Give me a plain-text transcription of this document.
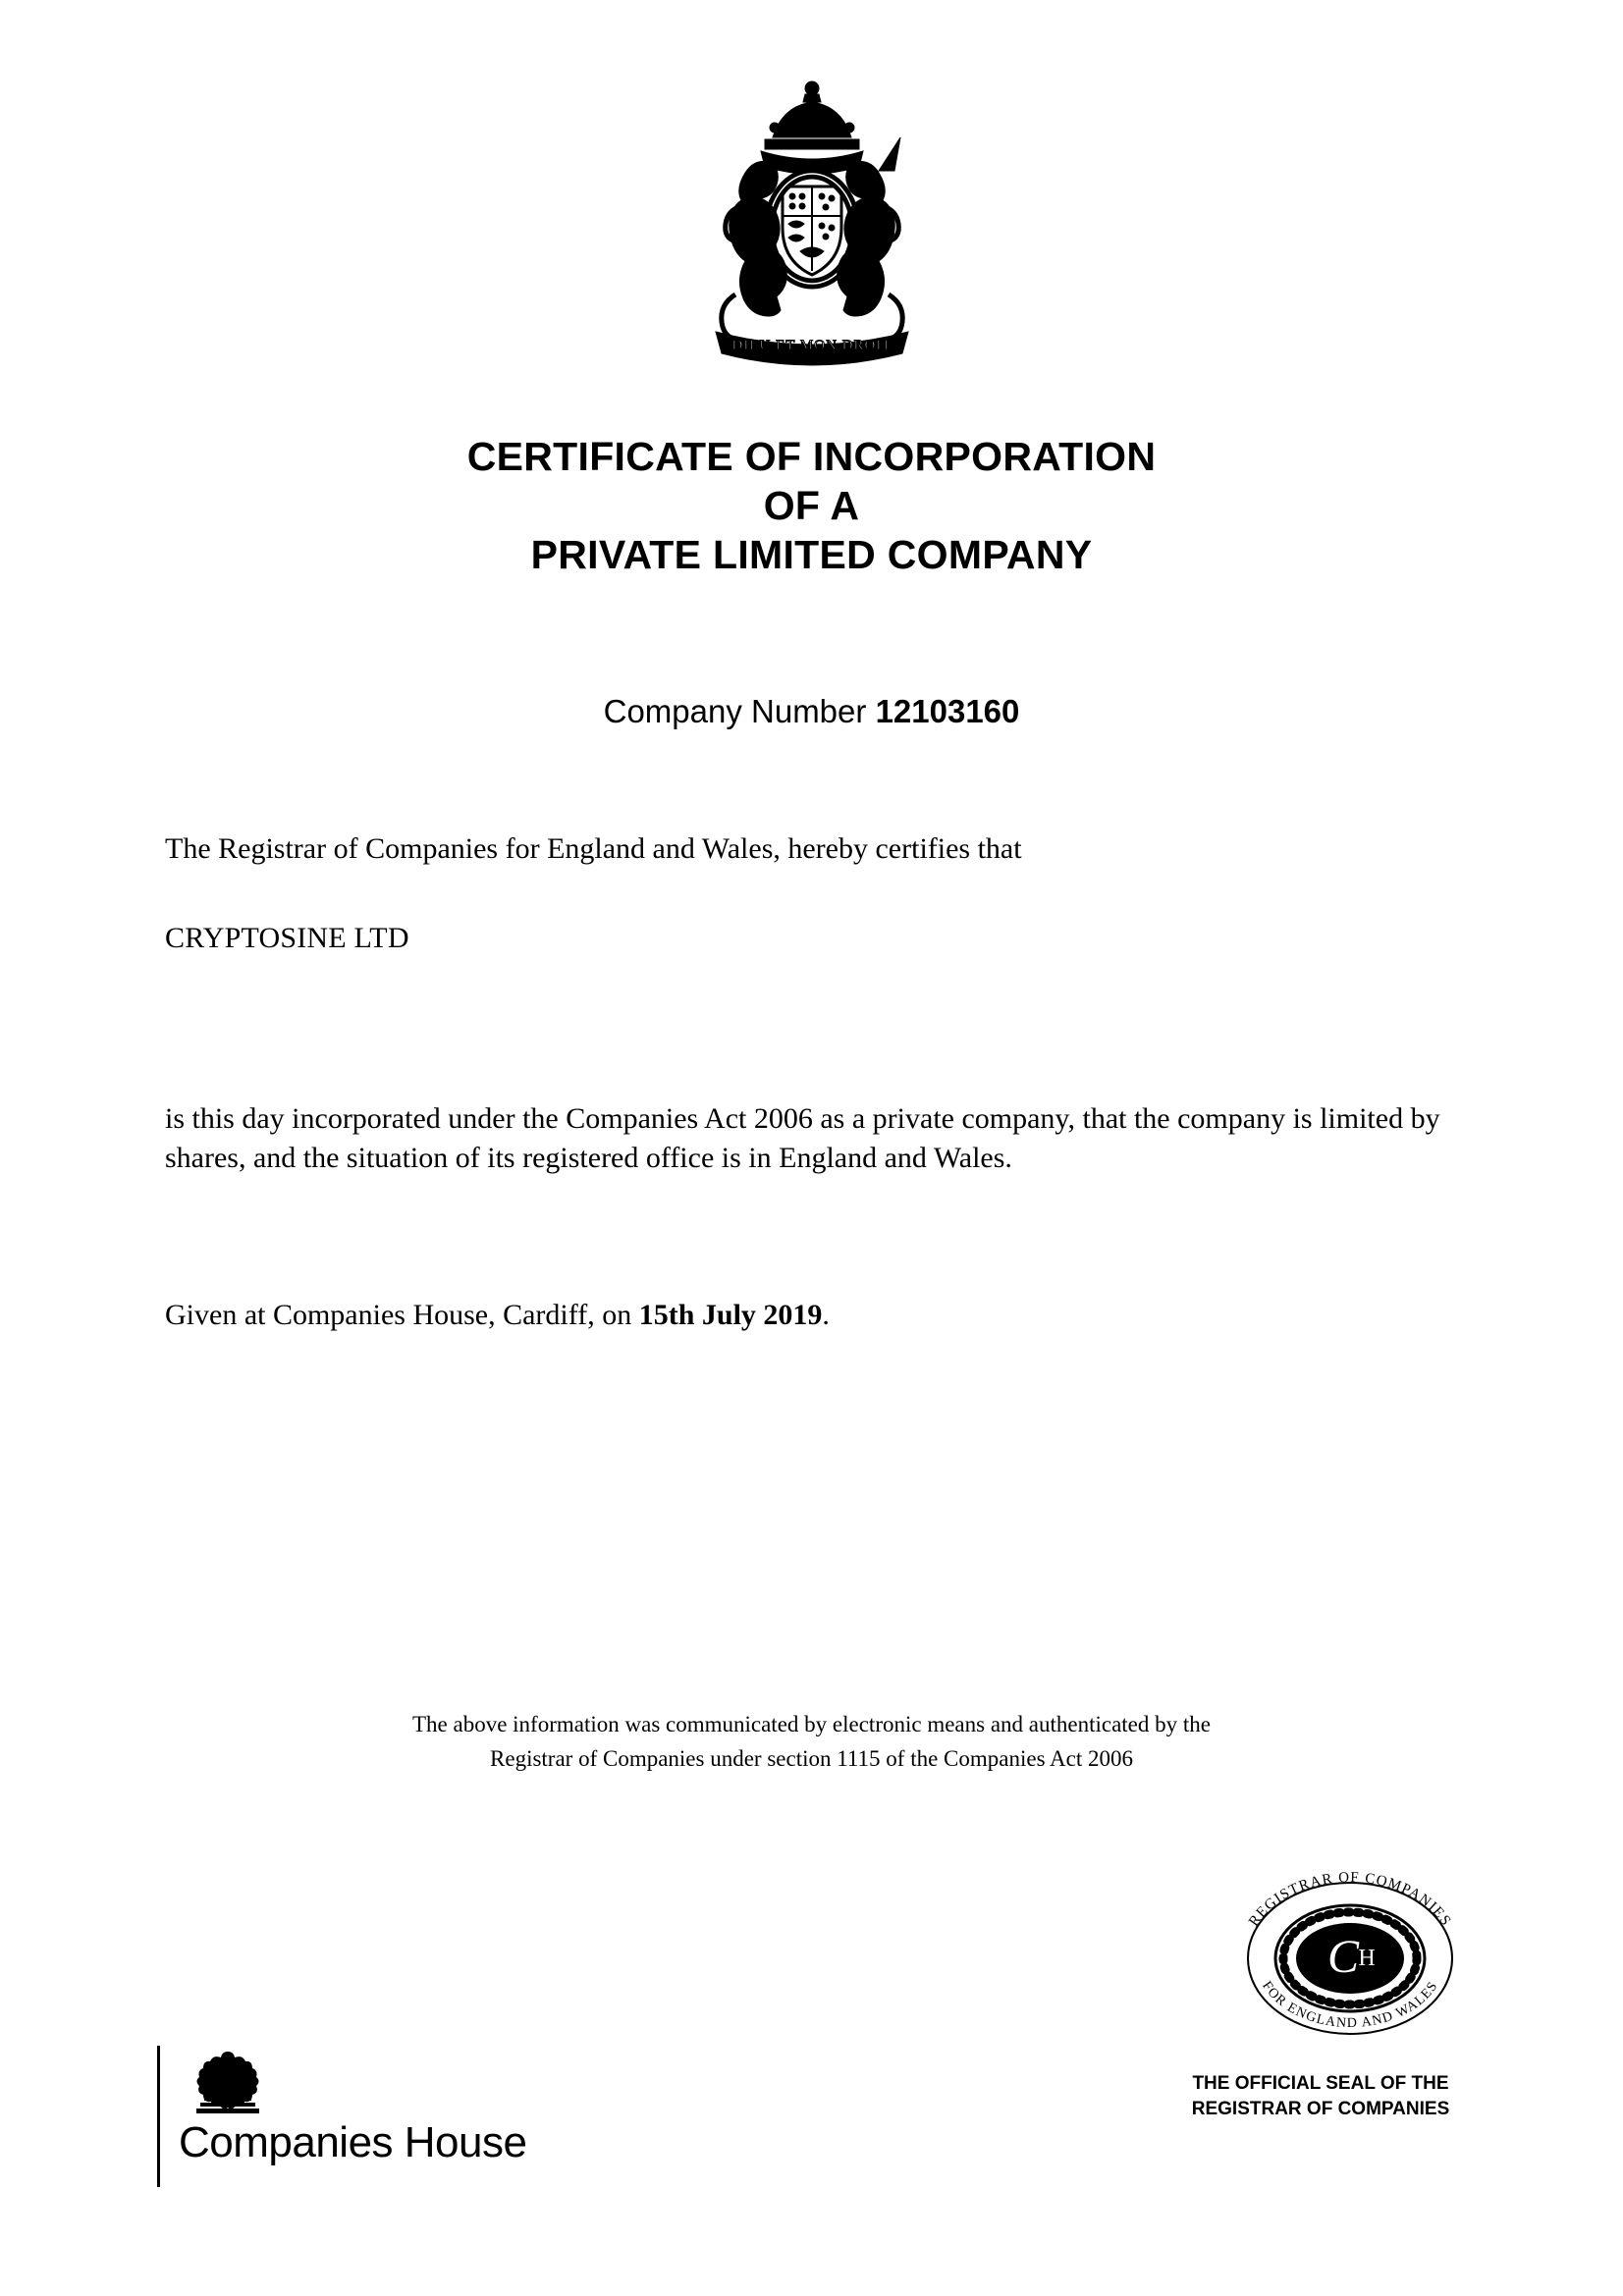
DIEU ET MON DROIT
CERTIFICATE OF INCORPORATION
OF A
PRIVATE LIMITED COMPANY
Company Number 12103160

The Registrar of Companies for England and Wales, hereby certifies that

CRYPTOSINE LTD

is this day incorporated under the Companies Act 2006 as a private company, that the company is limited by shares, and the situation of its registered office is in England and Wales.

Given at Companies House, Cardiff, on 15th July 2019.

The above information was communicated by electronic means and authenticated by the
Registrar of Companies under section 1115 of the Companies Act 2006
C H
REGISTRAR OF COMPANIES
FOR ENGLAND AND WALES
THE OFFICIAL SEAL OF THE
REGISTRAR OF COMPANIES
Companies House
